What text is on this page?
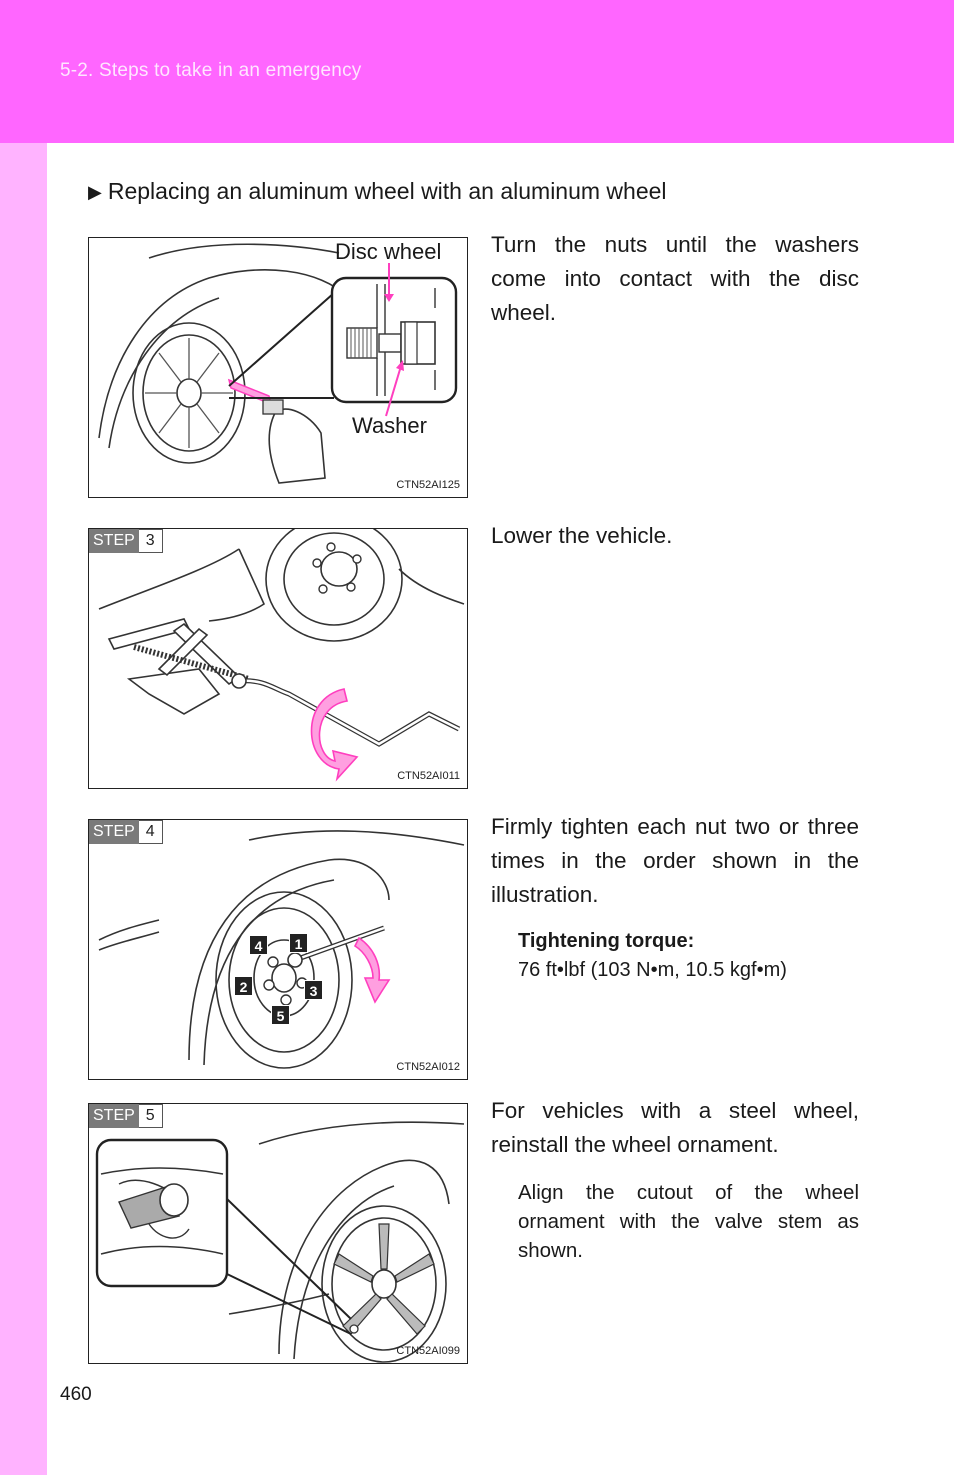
5-2. Steps to take in an emergency
▶ Replacing an aluminum wheel with an aluminum wheel
Disc wheel
Washer
CTN52AI125
Turn the nuts until the washers come into contact with the disc wheel.
STEP 3
CTN52AI011
Lower the vehicle.
STEP 4
4	1
2	3
5
CTN52AI012
Firmly tighten each nut two or three times in the order shown in the illustration.
Tightening torque:
76 ft•lbf (103 N•m, 10.5 kgf•m)
STEP 5
CTN52AI099
For vehicles with a steel wheel, reinstall the wheel ornament.
Align the cutout of the wheel ornament with the valve stem as shown.
460
